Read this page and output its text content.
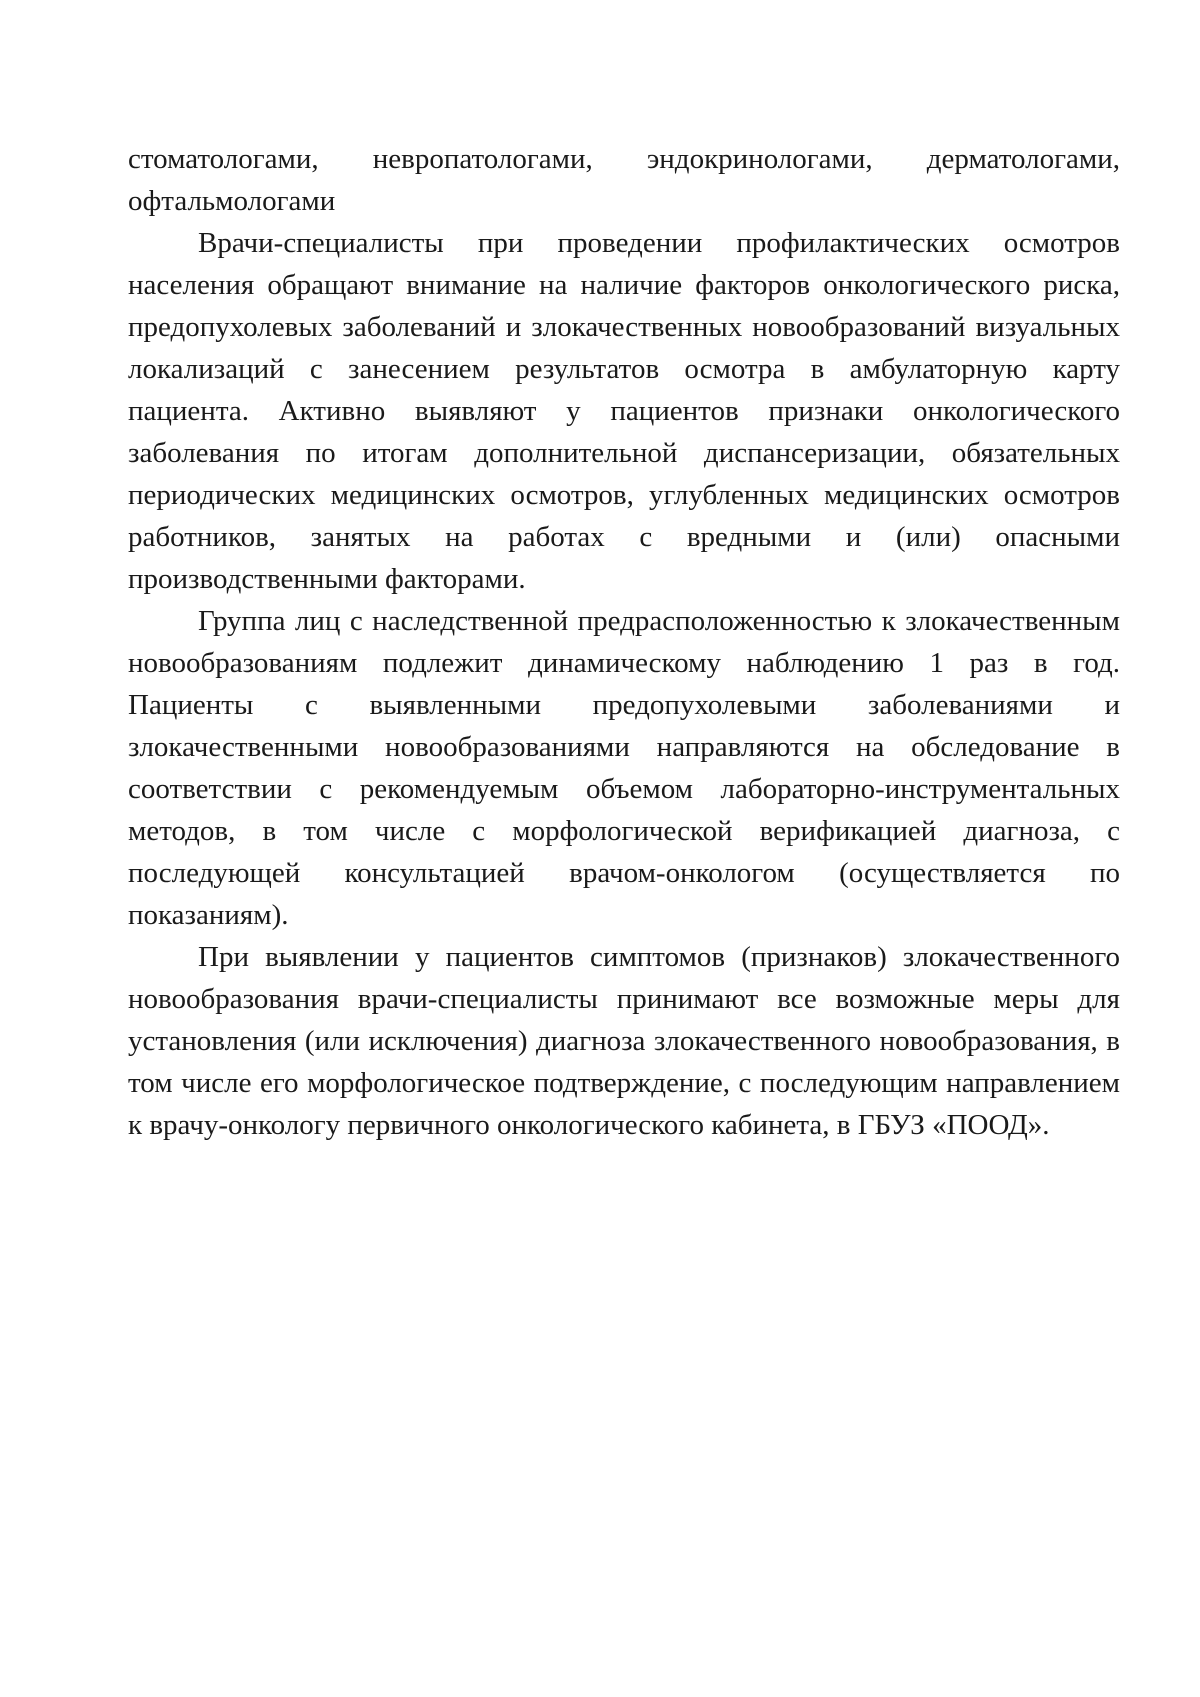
стоматологами, невропатологами, эндокринологами, дерматологами, офтальмологами

Врачи-специалисты при проведении профилактических осмотров населения обращают внимание на наличие факторов онкологического риска, предопухолевых заболеваний и злокачественных новообразований визуальных локализаций с занесением результатов осмотра в амбулаторную карту пациента. Активно выявляют у пациентов признаки онкологического заболевания по итогам дополнительной диспансеризации, обязательных периодических медицинских осмотров, углубленных медицинских осмотров работников, занятых на работах с вредными и (или) опасными производственными факторами.

Группа лиц с наследственной предрасположенностью к злокачественным новообразованиям подлежит динамическому наблюдению 1 раз в год. Пациенты с выявленными предопухолевыми заболеваниями и злокачественными новообразованиями направляются на обследование в соответствии с рекомендуемым объемом лабораторно-инструментальных методов, в том числе с морфологической верификацией диагноза, с последующей консультацией врачом-онкологом (осуществляется по показаниям).

При выявлении у пациентов симптомов (признаков) злокачественного новообразования врачи-специалисты принимают все возможные меры для установления (или исключения) диагноза злокачественного новообразования, в том числе его морфологическое подтверждение, с последующим направлением к врачу-онкологу первичного онкологического кабинета, в ГБУЗ «ПООД».
